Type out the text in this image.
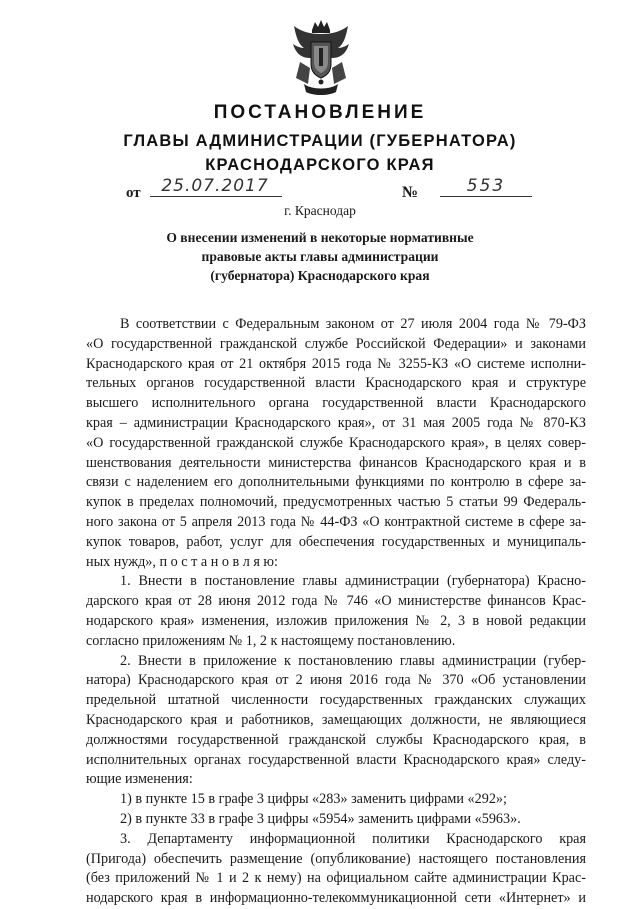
ПОСТАНОВЛЕНИЕ
ГЛАВЫ АДМИНИСТРАЦИИ (ГУБЕРНАТОРА)
КРАСНОДАРСКОГО КРАЯ
от	25.07.2017	№	553
г. Краснодар
О внесении изменений в некоторые нормативные
правовые акты главы администрации
(губернатора) Краснодарского края
В соответствии с Федеральным законом от 27 июля 2004 года № 79-ФЗ
«О государственной гражданской службе Российской Федерации» и законами
Краснодарского края от 21 октября 2015 года № 3255-КЗ «О системе исполни-
тельных органов государственной власти Краснодарского края и структуре
высшего исполнительного органа государственной власти Краснодарского
края – администрации Краснодарского края», от 31 мая 2005 года № 870-КЗ
«О государственной гражданской службе Краснодарского края», в целях совер-
шенствования деятельности министерства финансов Краснодарского края и в
связи с наделением его дополнительными функциями по контролю в сфере за-
купок в пределах полномочий, предусмотренных частью 5 статьи 99 Федераль-
ного закона от 5 апреля 2013 года № 44-ФЗ «О контрактной системе в сфере за-
купок товаров, работ, услуг для обеспечения государственных и муниципаль-
ных нужд», п о с т а н о в л я ю:
1. Внести в постановление главы администрации (губернатора) Красно-
дарского края от 28 июня 2012 года № 746 «О министерстве финансов Крас-
нодарского края» изменения, изложив приложения № 2, 3 в новой редакции
согласно приложениям № 1, 2 к настоящему постановлению.
2. Внести в приложение к постановлению главы администрации (губер-
натора) Краснодарского края от 2 июня 2016 года № 370 «Об установлении
предельной штатной численности государственных гражданских служащих
Краснодарского края и работников, замещающих должности, не являющиеся
должностями государственной гражданской службы Краснодарского края, в
исполнительных органах государственной власти Краснодарского края» следу-
ющие изменения:
1) в пункте 15 в графе 3 цифры «283» заменить цифрами «292»;
2) в пункте 33 в графе 3 цифры «5954» заменить цифрами «5963».
3. Департаменту информационной политики Краснодарского края
(Пригода) обеспечить размещение (опубликование) настоящего постановления
(без приложений № 1 и 2 к нему) на официальном сайте администрации Крас-
нодарского края в информационно-телекоммуникационной сети «Интернет» и
